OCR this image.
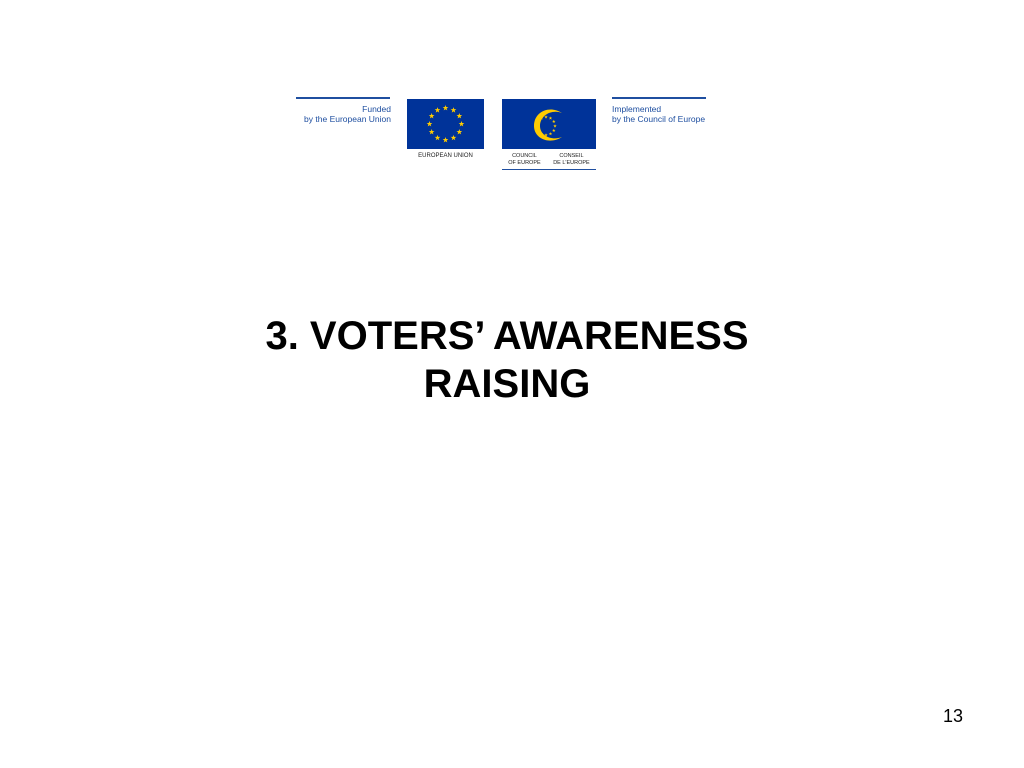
Funded
by the European Union
EUROPEAN UNION	COUNCIL
OF EUROPE
CONSEIL
DE L'EUROPE
Implemented
by the Council of Europe
3. VOTERS’ AWARENESS
RAISING
13
